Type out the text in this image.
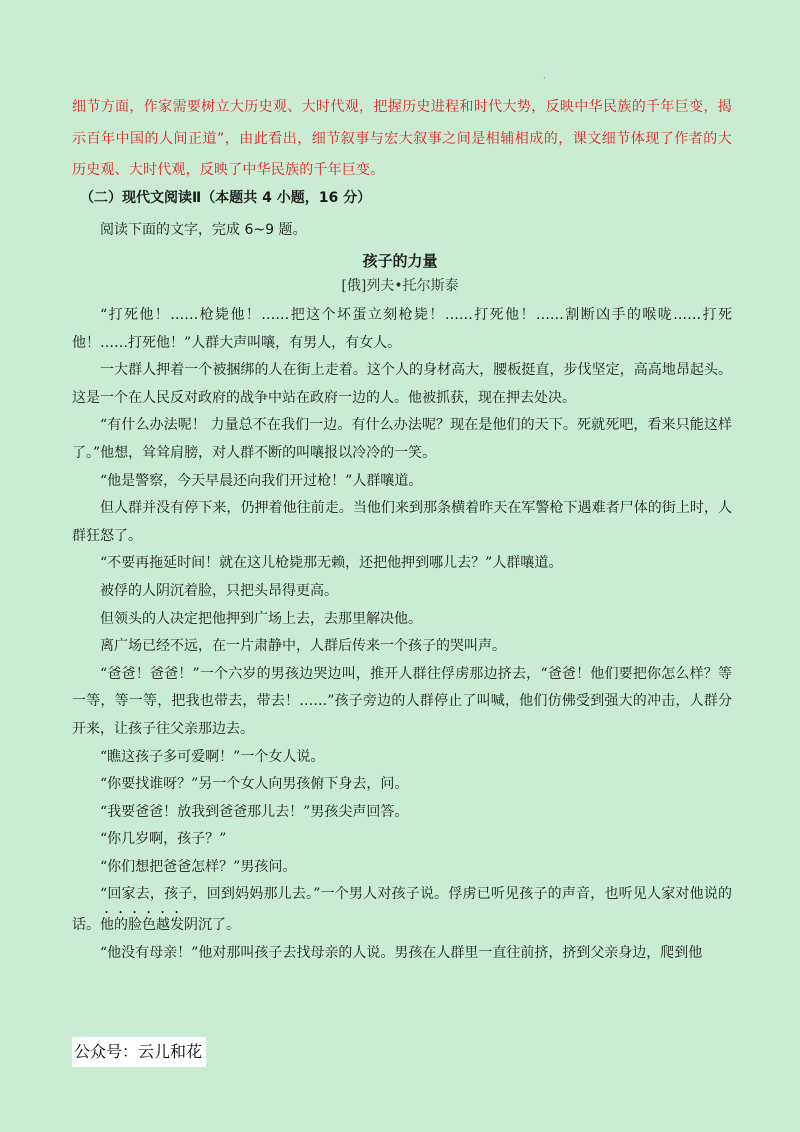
·
细节方面，作家需要树立大历史观、大时代观，把握历史进程和时代大势，反映中华民族的千年巨变，揭示百年中国的人间正道”，由此看出，细节叙事与宏大叙事之间是相辅相成的，课文细节体现了作者的大历史观、大时代观，反映了中华民族的千年巨变。
（二）现代文阅读Ⅱ（本题共 4 小题，16 分）
阅读下面的文字，完成 6~9 题。
孩子的力量
[俄]列夫•托尔斯泰

“打死他！……枪毙他！……把这个坏蛋立刻枪毙！……打死他！……割断凶手的喉咙……打死他！……打死他！”人群大声叫嚷，有男人，有女人。

一大群人押着一个被捆绑的人在街上走着。这个人的身材高大，腰板挺直，步伐坚定，高高地昂起头。这是一个在人民反对政府的战争中站在政府一边的人。他被抓获，现在押去处决。

“有什么办法呢！ 力量总不在我们一边。有什么办法呢？现在是他们的天下。死就死吧，看来只能这样了。”他想，耸耸肩膀，对人群不断的叫嚷报以冷冷的一笑。

“他是警察，今天早晨还向我们开过枪！”人群嚷道。

但人群并没有停下来，仍押着他往前走。当他们来到那条横着昨天在军警枪下遇难者尸体的街上时，人群狂怒了。

“不要再拖延时间！就在这儿枪毙那无赖，还把他押到哪儿去？”人群嚷道。

被俘的人阴沉着脸，只把头昂得更高。

但领头的人决定把他押到广场上去，去那里解决他。

离广场已经不远，在一片肃静中，人群后传来一个孩子的哭叫声。

“爸爸！爸爸！”一个六岁的男孩边哭边叫，推开人群往俘虏那边挤去，“爸爸！他们要把你怎么样？等一等，等一等，把我也带去，带去！……”孩子旁边的人群停止了叫喊，他们仿佛受到强大的冲击，人群分开来，让孩子往父亲那边去。

“瞧这孩子多可爱啊！”一个女人说。

“你要找谁呀？”另一个女人向男孩俯下身去，问。

“我要爸爸！放我到爸爸那儿去！”男孩尖声回答。

“你几岁啊，孩子？”

“你们想把爸爸怎样？”男孩问。

“回家去，孩子，回到妈妈那儿去。”一个男人对孩子说。俘虏已听见孩子的声音，也听见人家对他说的话。他的脸色越发阴沉了。

“他没有母亲！”他对那叫孩子去找母亲的人说。男孩在人群里一直往前挤，挤到父亲身边，爬到他

公众号：云儿和花
